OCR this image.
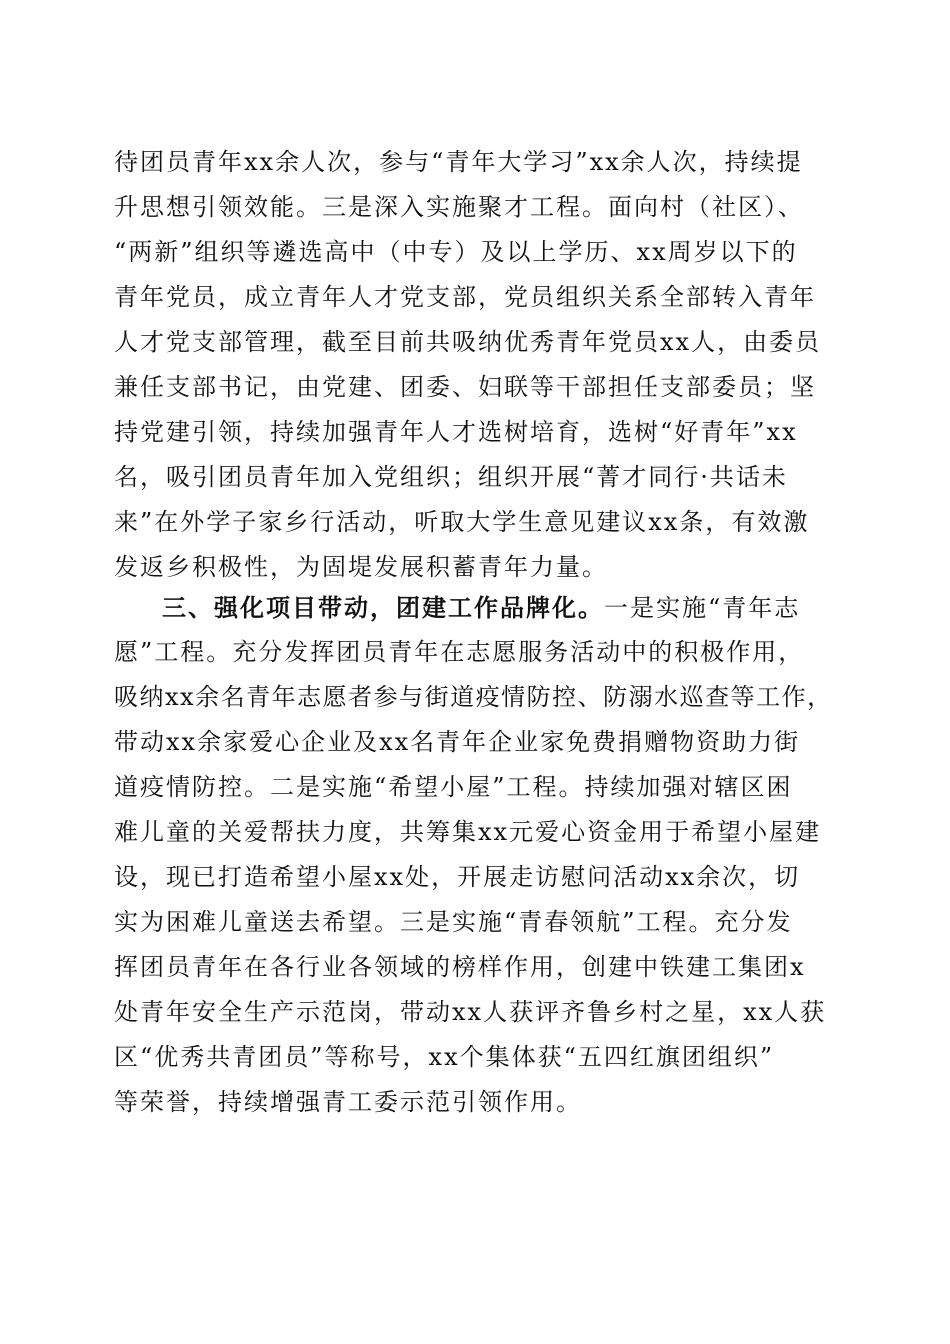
待团员青年xx余人次，参与“青年大学习”xx余人次，持续提
升思想引领效能。三是深入实施聚才工程。面向村（社区）、
“两新”组织等遴选高中（中专）及以上学历、xx周岁以下的
青年党员，成立青年人才党支部，党员组织关系全部转入青年
人才党支部管理，截至目前共吸纳优秀青年党员xx人，由委员
兼任支部书记，由党建、团委、妇联等干部担任支部委员；坚
持党建引领，持续加强青年人才选树培育，选树“好青年”xx
名，吸引团员青年加入党组织；组织开展“菁才同行·共话未
来”在外学子家乡行活动，听取大学生意见建议xx条，有效激
发返乡积极性，为固堤发展积蓄青年力量。
三、强化项目带动，团建工作品牌化。一是实施“青年志
愿”工程。充分发挥团员青年在志愿服务活动中的积极作用，
吸纳xx余名青年志愿者参与街道疫情防控、防溺水巡查等工作，
带动xx余家爱心企业及xx名青年企业家免费捐赠物资助力街
道疫情防控。二是实施“希望小屋”工程。持续加强对辖区困
难儿童的关爱帮扶力度，共筹集xx元爱心资金用于希望小屋建
设，现已打造希望小屋xx处，开展走访慰问活动xx余次，切
实为困难儿童送去希望。三是实施“青春领航”工程。充分发
挥团员青年在各行业各领域的榜样作用，创建中铁建工集团x
处青年安全生产示范岗，带动xx人获评齐鲁乡村之星，xx人获
区“优秀共青团员”等称号，xx个集体获“五四红旗团组织”
等荣誉，持续增强青工委示范引领作用。
